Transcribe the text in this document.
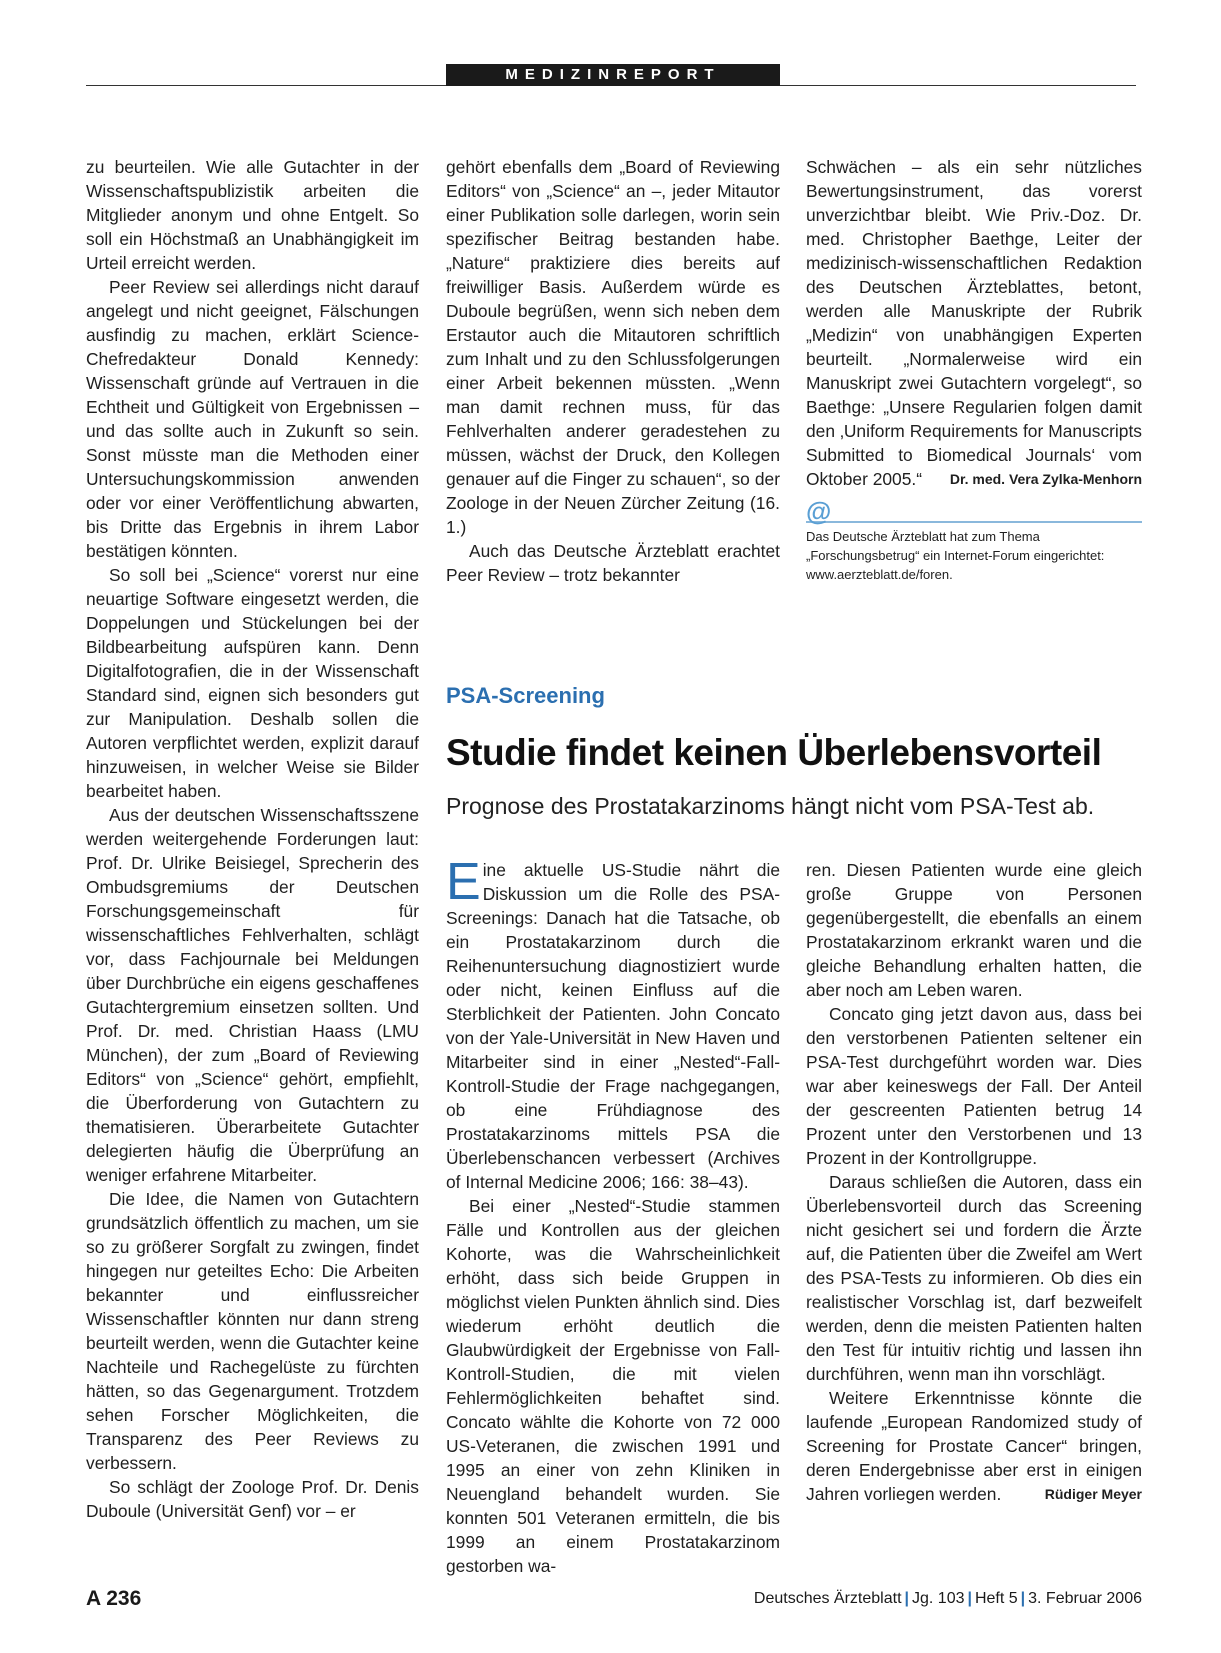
MEDIZINREPORT

zu beurteilen. Wie alle Gutachter in der Wissenschaftspublizistik arbeiten die Mitglieder anonym und ohne Entgelt. So soll ein Höchstmaß an Unabhängigkeit im Urteil erreicht werden.

Peer Review sei allerdings nicht darauf angelegt und nicht geeignet, Fälschungen ausfindig zu machen, erklärt Science-Chefredakteur Donald Kennedy: Wissenschaft gründe auf Vertrauen in die Echtheit und Gültigkeit von Ergebnissen – und das sollte auch in Zukunft so sein. Sonst müsste man die Methoden einer Untersuchungskommission anwenden oder vor einer Veröffentlichung abwarten, bis Dritte das Ergebnis in ihrem Labor bestätigen könnten.

So soll bei „Science“ vorerst nur eine neuartige Software eingesetzt werden, die Doppelungen und Stückelungen bei der Bildbearbeitung aufspüren kann. Denn Digitalfotografien, die in der Wissenschaft Standard sind, eignen sich besonders gut zur Manipulation. Deshalb sollen die Autoren verpflichtet werden, explizit darauf hinzuweisen, in welcher Weise sie Bilder bearbeitet haben.

Aus der deutschen Wissenschaftsszene werden weitergehende Forderungen laut: Prof. Dr. Ulrike Beisiegel, Sprecherin des Ombudsgremiums der Deutschen Forschungsgemeinschaft für wissenschaftliches Fehlverhalten, schlägt vor, dass Fachjournale bei Meldungen über Durchbrüche ein eigens geschaffenes Gutachtergremium einsetzen sollten. Und Prof. Dr. med. Christian Haass (LMU München), der zum „Board of Reviewing Editors“ von „Science“ gehört, empfiehlt, die Überforderung von Gutachtern zu thematisieren. Überarbeitete Gutachter delegierten häufig die Überprüfung an weniger erfahrene Mitarbeiter.

Die Idee, die Namen von Gutachtern grundsätzlich öffentlich zu machen, um sie so zu größerer Sorgfalt zu zwingen, findet hingegen nur geteiltes Echo: Die Arbeiten bekannter und einflussreicher Wissenschaftler könnten nur dann streng beurteilt werden, wenn die Gutachter keine Nachteile und Rachegelüste zu fürchten hätten, so das Gegenargument. Trotzdem sehen Forscher Möglichkeiten, die Transparenz des Peer Reviews zu verbessern.

So schlägt der Zoologe Prof. Dr. Denis Duboule (Universität Genf) vor – er

gehört ebenfalls dem „Board of Reviewing Editors“ von „Science“ an –, jeder Mitautor einer Publikation solle darlegen, worin sein spezifischer Beitrag bestanden habe. „Nature“ praktiziere dies bereits auf freiwilliger Basis. Außerdem würde es Duboule begrüßen, wenn sich neben dem Erstautor auch die Mitautoren schriftlich zum Inhalt und zu den Schlussfolgerungen einer Arbeit bekennen müssten. „Wenn man damit rechnen muss, für das Fehlverhalten anderer geradestehen zu müssen, wächst der Druck, den Kollegen genauer auf die Finger zu schauen“, so der Zoologe in der Neuen Zürcher Zeitung (16. 1.)

Auch das Deutsche Ärzteblatt erachtet Peer Review – trotz bekannter

Schwächen – als ein sehr nützliches Bewertungsinstrument, das vorerst unverzichtbar bleibt. Wie Priv.-Doz. Dr. med. Christopher Baethge, Leiter der medizinisch-wissenschaftlichen Redaktion des Deutschen Ärzteblattes, betont, werden alle Manuskripte der Rubrik „Medizin“ von unabhängigen Experten beurteilt. „Normalerweise wird ein Manuskript zwei Gutachtern vorgelegt“, so Baethge: „Unsere Regularien folgen damit den ‚Uniform Requirements for Manuscripts Submitted to Biomedical Journals‘ vom Oktober 2005.“ Dr. med. Vera Zylka-Menhorn

@
Das Deutsche Ärzteblatt hat zum Thema „Forschungsbetrug“ ein Internet-Forum eingerichtet: www.aerzteblatt.de/foren.
PSA-Screening
Studie findet keinen Überlebensvorteil
Prognose des Prostatakarzinoms hängt nicht vom PSA-Test ab.

Eine aktuelle US-Studie nährt die Diskussion um die Rolle des PSA-Screenings: Danach hat die Tatsache, ob ein Prostatakarzinom durch die Reihenuntersuchung diagnostiziert wurde oder nicht, keinen Einfluss auf die Sterblichkeit der Patienten. John Concato von der Yale-Universität in New Haven und Mitarbeiter sind in einer „Nested“-Fall-Kontroll-Studie der Frage nachgegangen, ob eine Frühdiagnose des Prostatakarzinoms mittels PSA die Überlebenschancen verbessert (Archives of Internal Medicine 2006; 166: 38–43).

Bei einer „Nested“-Studie stammen Fälle und Kontrollen aus der gleichen Kohorte, was die Wahrscheinlichkeit erhöht, dass sich beide Gruppen in möglichst vielen Punkten ähnlich sind. Dies wiederum erhöht deutlich die Glaubwürdigkeit der Ergebnisse von Fall-Kontroll-Studien, die mit vielen Fehlermöglichkeiten behaftet sind. Concato wählte die Kohorte von 72 000 US-Veteranen, die zwischen 1991 und 1995 an einer von zehn Kliniken in Neuengland behandelt wurden. Sie konnten 501 Veteranen ermitteln, die bis 1999 an einem Prostatakarzinom gestorben wa-

ren. Diesen Patienten wurde eine gleich große Gruppe von Personen gegenübergestellt, die ebenfalls an einem Prostatakarzinom erkrankt waren und die gleiche Behandlung erhalten hatten, die aber noch am Leben waren.

Concato ging jetzt davon aus, dass bei den verstorbenen Patienten seltener ein PSA-Test durchgeführt worden war. Dies war aber keineswegs der Fall. Der Anteil der gescreenten Patienten betrug 14 Prozent unter den Verstorbenen und 13 Prozent in der Kontrollgruppe.

Daraus schließen die Autoren, dass ein Überlebensvorteil durch das Screening nicht gesichert sei und fordern die Ärzte auf, die Patienten über die Zweifel am Wert des PSA-Tests zu informieren. Ob dies ein realistischer Vorschlag ist, darf bezweifelt werden, denn die meisten Patienten halten den Test für intuitiv richtig und lassen ihn durchführen, wenn man ihn vorschlägt.

Weitere Erkenntnisse könnte die laufende „European Randomized study of Screening for Prostate Cancer“ bringen, deren Endergebnisse aber erst in einigen Jahren vorliegen werden.	Rüdiger Meyer

A 236	Deutsches Ärzteblatt | Jg. 103 | Heft 5 | 3. Februar 2006
